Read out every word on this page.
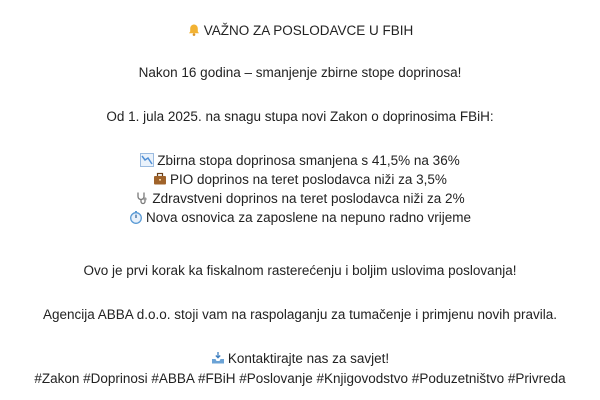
VAŽNO ZA POSLODAVCE U FBIH
Nakon 16 godina – smanjenje zbirne stope doprinosa!
Od 1. jula 2025. na snagu stupa novi Zakon o doprinosima FBiH:
Zbirna stopa doprinosa smanjena s 41,5% na 36%
PIO doprinos na teret poslodavca niži za 3,5%
Zdravstveni doprinos na teret poslodavca niži za 2%
Nova osnovica za zaposlene na nepuno radno vrijeme
Ovo je prvi korak ka fiskalnom rasterećenju i boljim uslovima poslovanja!
Agencija ABBA d.o.o. stoji vam na raspolaganju za tumačenje i primjenu novih pravila.
Kontaktirajte nas za savjet!
#Zakon #Doprinosi #ABBA #FBiH #Poslovanje #Knjigovodstvo #Poduzetništvo #Privreda
